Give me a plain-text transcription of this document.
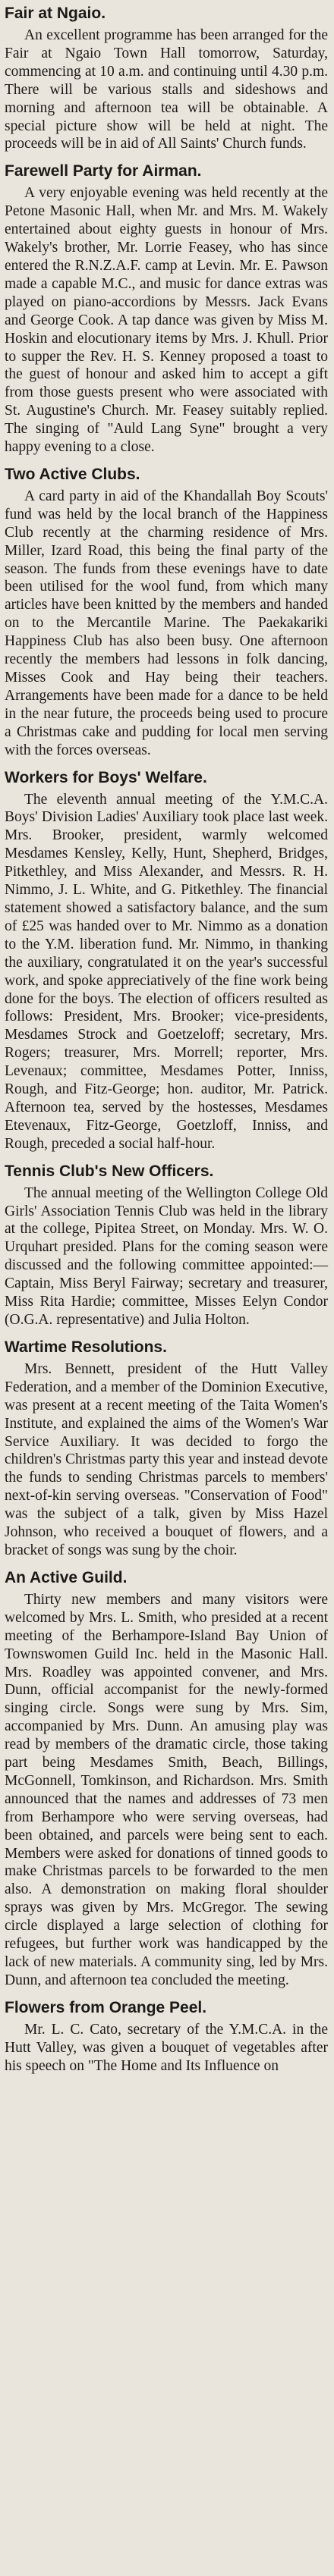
Fair at Ngaio.

An excellent programme has been arranged for the Fair at Ngaio Town Hall tomorrow, Saturday, commencing at 10 a.m. and continuing until 4.30 p.m. There will be various stalls and sideshows and morning and afternoon tea will be obtainable. A special picture show will be held at night. The proceeds will be in aid of All Saints' Church funds.

Farewell Party for Airman.

A very enjoyable evening was held recently at the Petone Masonic Hall, when Mr. and Mrs. M. Wakely entertained about eighty guests in honour of Mrs. Wakely's brother, Mr. Lorrie Feasey, who has since entered the R.N.Z.A.F. camp at Levin. Mr. E. Pawson made a capable M.C., and music for dance extras was played on piano-accordions by Messrs. Jack Evans and George Cook. A tap dance was given by Miss M. Hoskin and elocutionary items by Mrs. J. Khull. Prior to supper the Rev. H. S. Kenney proposed a toast to the guest of honour and asked him to accept a gift from those guests present who were associated with St. Augustine's Church. Mr. Feasey suitably replied. The singing of "Auld Lang Syne" brought a very happy evening to a close.

Two Active Clubs.

A card party in aid of the Khandallah Boy Scouts' fund was held by the local branch of the Happiness Club recently at the charming residence of Mrs. Miller, Izard Road, this being the final party of the season. The funds from these evenings have to date been utilised for the wool fund, from which many articles have been knitted by the members and handed on to the Mercantile Marine. The Paekakariki Happiness Club has also been busy. One afternoon recently the members had lessons in folk dancing, Misses Cook and Hay being their teachers. Arrangements have been made for a dance to be held in the near future, the proceeds being used to procure a Christmas cake and pudding for local men serving with the forces overseas.

Workers for Boys' Welfare.

The eleventh annual meeting of the Y.M.C.A. Boys' Division Ladies' Auxiliary took place last week. Mrs. Brooker, president, warmly welcomed Mesdames Kensley, Kelly, Hunt, Shepherd, Bridges, Pitkethley, and Miss Alexander, and Messrs. R. H. Nimmo, J. L. White, and G. Pitkethley. The financial statement showed a satisfactory balance, and the sum of £25 was handed over to Mr. Nimmo as a donation to the Y.M. liberation fund. Mr. Nimmo, in thanking the auxiliary, congratulated it on the year's successful work, and spoke appreciatively of the fine work being done for the boys. The election of officers resulted as follows: President, Mrs. Brooker; vice-presidents, Mesdames Strock and Goetzeloff; secretary, Mrs. Rogers; treasurer, Mrs. Morrell; reporter, Mrs. Levenaux; committee, Mesdames Potter, Inniss, Rough, and Fitz-George; hon. auditor, Mr. Patrick. Afternoon tea, served by the hostesses, Mesdames Etevenaux, Fitz-George, Goetzloff, Inniss, and Rough, preceded a social half-hour.

Tennis Club's New Officers.

The annual meeting of the Wellington College Old Girls' Association Tennis Club was held in the library at the college, Pipitea Street, on Monday. Mrs. W. O. Urquhart presided. Plans for the coming season were discussed and the following committee appointed:—Captain, Miss Beryl Fairway; secretary and treasurer, Miss Rita Hardie; committee, Misses Eelyn Condor (O.G.A. representative) and Julia Holton.

Wartime Resolutions.

Mrs. Bennett, president of the Hutt Valley Federation, and a member of the Dominion Executive, was present at a recent meeting of the Taita Women's Institute, and explained the aims of the Women's War Service Auxiliary. It was decided to forgo the children's Christmas party this year and instead devote the funds to sending Christmas parcels to members' next-of-kin serving overseas. "Conservation of Food" was the subject of a talk, given by Miss Hazel Johnson, who received a bouquet of flowers, and a bracket of songs was sung by the choir.

An Active Guild.

Thirty new members and many visitors were welcomed by Mrs. L. Smith, who presided at a recent meeting of the Berhampore-Island Bay Union of Townswomen Guild Inc. held in the Masonic Hall. Mrs. Roadley was appointed convener, and Mrs. Dunn, official accompanist for the newly-formed singing circle. Songs were sung by Mrs. Sim, accompanied by Mrs. Dunn. An amusing play was read by members of the dramatic circle, those taking part being Mesdames Smith, Beach, Billings, McGonnell, Tomkinson, and Richardson. Mrs. Smith announced that the names and addresses of 73 men from Berhampore who were serving overseas, had been obtained, and parcels were being sent to each. Members were asked for donations of tinned goods to make Christmas parcels to be forwarded to the men also. A demonstration on making floral shoulder sprays was given by Mrs. McGregor. The sewing circle displayed a large selection of clothing for refugees, but further work was handicapped by the lack of new materials. A community sing, led by Mrs. Dunn, and afternoon tea concluded the meeting.

Flowers from Orange Peel.

Mr. L. C. Cato, secretary of the Y.M.C.A. in the Hutt Valley, was given a bouquet of vegetables after his speech on "The Home and Its Influence on
